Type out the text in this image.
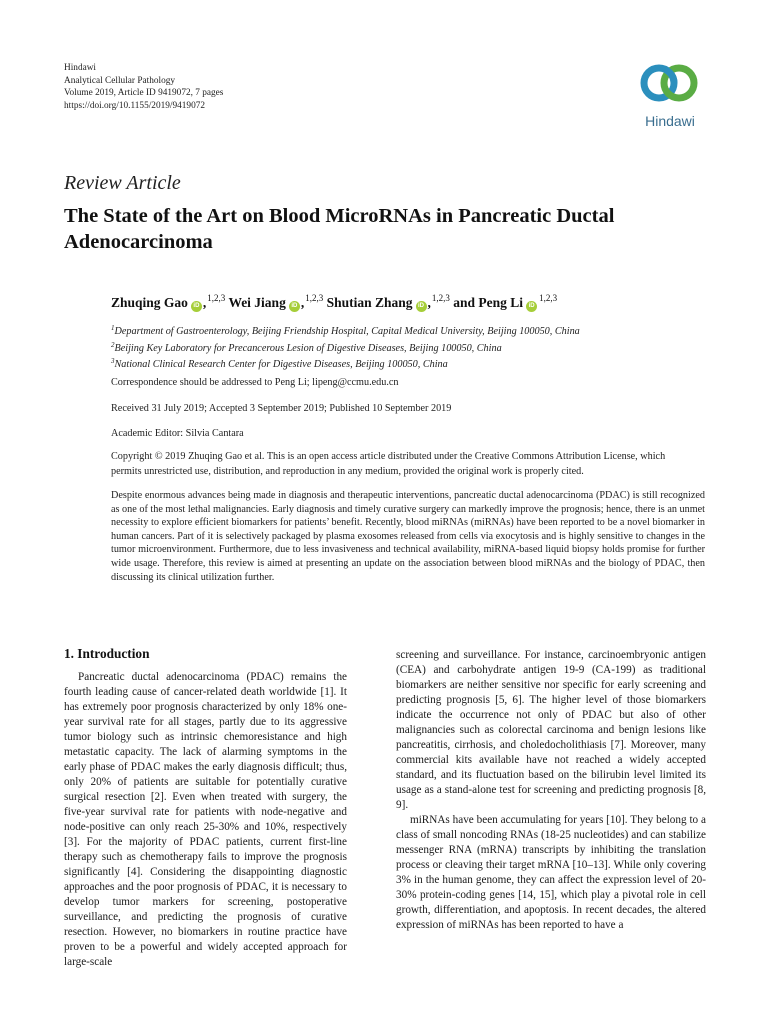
Hindawi
Analytical Cellular Pathology
Volume 2019, Article ID 9419072, 7 pages
https://doi.org/10.1155/2019/9419072
Hindawi
Review Article
The State of the Art on Blood MicroRNAs in Pancreatic Ductal Adenocarcinoma
Zhuqing Gao iD ,$^{1,2,3}$ Wei Jiang iD ,$^{1,2,3}$ Shutian Zhang iD ,$^{1,2,3}$ and Peng Li iD$^{1,2,3}$
$^1$Department of Gastroenterology, Beijing Friendship Hospital, Capital Medical University, Beijing 100050, China
$^2$Beijing Key Laboratory for Precancerous Lesion of Digestive Diseases, Beijing 100050, China
$^3$National Clinical Research Center for Digestive Diseases, Beijing 100050, China
Correspondence should be addressed to Peng Li; lipeng@ccmu.edu.cn
Received 31 July 2019; Accepted 3 September 2019; Published 10 September 2019
Academic Editor: Silvia Cantara
Copyright © 2019 Zhuqing Gao et al. This is an open access article distributed under the Creative Commons Attribution License, which permits unrestricted use, distribution, and reproduction in any medium, provided the original work is properly cited.
Despite enormous advances being made in diagnosis and therapeutic interventions, pancreatic ductal adenocarcinoma (PDAC) is still recognized as one of the most lethal malignancies. Early diagnosis and timely curative surgery can markedly improve the prognosis; hence, there is an unmet necessity to explore efficient biomarkers for patients’ benefit. Recently, blood miRNAs (miRNAs) have been reported to be a novel biomarker in human cancers. Part of it is selectively packaged by plasma exosomes released from cells via exocytosis and is highly sensitive to changes in the tumor microenvironment. Furthermore, due to less invasiveness and technical availability, miRNA-based liquid biopsy holds promise for further wide usage. Therefore, this review is aimed at presenting an update on the association between blood miRNAs and the biology of PDAC, then discussing its clinical utilization further.
1. Introduction

Pancreatic ductal adenocarcinoma (PDAC) remains the fourth leading cause of cancer-related death worldwide [1]. It has extremely poor prognosis characterized by only 18% one-year survival rate for all stages, partly due to its aggressive tumor biology such as intrinsic chemoresistance and high metastatic capacity. The lack of alarming symptoms in the early phase of PDAC makes the early diagnosis difficult; thus, only 20% of patients are suitable for potentially curative surgical resection [2]. Even when treated with surgery, the five-year survival rate for patients with node-negative and node-positive can only reach 25-30% and 10%, respectively [3]. For the majority of PDAC patients, current first-line therapy such as chemotherapy fails to improve the prognosis significantly [4]. Considering the disappointing diagnostic approaches and the poor prognosis of PDAC, it is necessary to develop tumor markers for screening, postoperative surveillance, and predicting the prognosis of curative resection. However, no biomarkers in routine practice have proven to be a powerful and widely accepted approach for large-scale

screening and surveillance. For instance, carcinoembryonic antigen (CEA) and carbohydrate antigen 19-9 (CA-199) as traditional biomarkers are neither sensitive nor specific for early screening and predicting prognosis [5, 6]. The higher level of those biomarkers indicate the occurrence not only of PDAC but also of other malignancies such as colorectal carcinoma and benign lesions like pancreatitis, cirrhosis, and choledocholithiasis [7]. Moreover, many commercial kits available have not reached a widely accepted standard, and its fluctuation based on the bilirubin level limited its usage as a stand-alone test for screening and predicting prognosis [8, 9].

miRNAs have been accumulating for years [10]. They belong to a class of small noncoding RNAs (18-25 nucleotides) and can stabilize messenger RNA (mRNA) transcripts by inhibiting the translation process or cleaving their target mRNA [10–13]. While only covering 3% in the human genome, they can affect the expression level of 20-30% protein-coding genes [14, 15], which play a pivotal role in cell growth, differentiation, and apoptosis. In recent decades, the altered expression of miRNAs has been reported to have a
